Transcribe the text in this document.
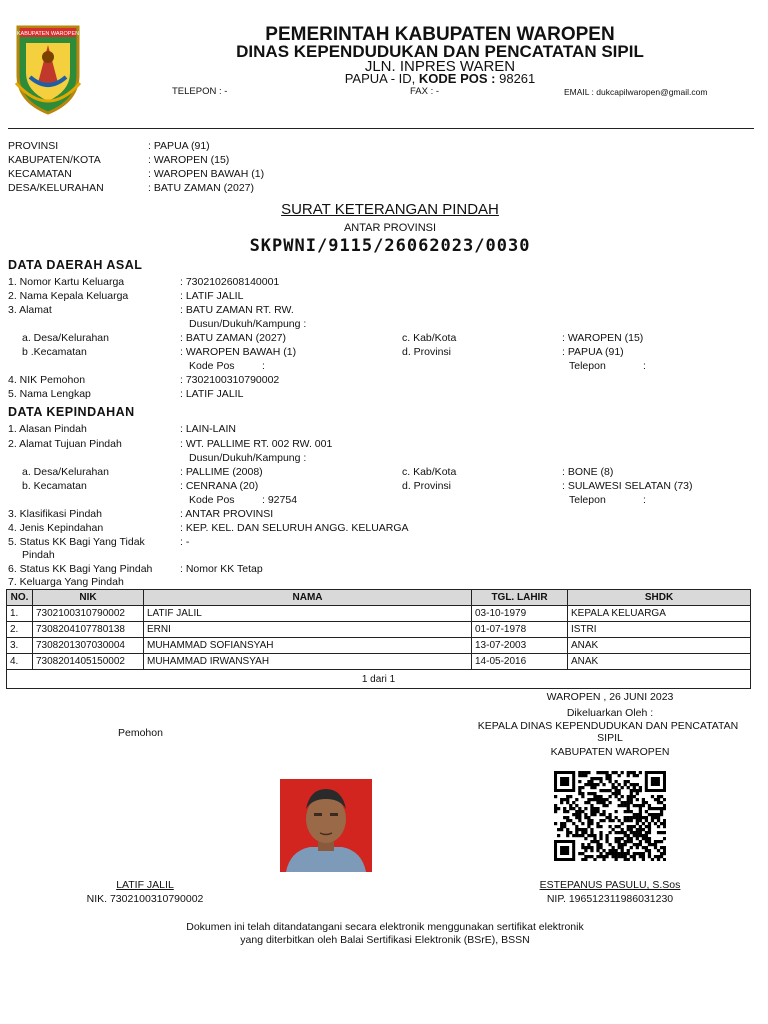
KABUPATEN WAROPEN	PEMERINTAH KABUPATEN WAROPEN
DINAS KEPENDUDUKAN DAN PENCATATAN SIPIL
JLN. INPRES WAREN
PAPUA - ID, KODE POS : 98261
TELEPON : -	FAX : -	EMAIL : dukcapilwaropen@gmail.com
PROVINSI	: PAPUA (91)
KABUPATEN/KOTA	: WAROPEN (15)
KECAMATAN	: WAROPEN BAWAH (1)
DESA/KELURAHAN	: BATU ZAMAN (2027)
SURAT KETERANGAN PINDAH
ANTAR PROVINSI
SKPWNI/9115/26062023/0030
DATA DAERAH ASAL
1. Nomor Kartu Keluarga	: 7302102608140001
2. Nama Kepala Keluarga	: LATIF JALIL
3. Alamat	: BATU ZAMAN RT. RW.
Dusun/Dukuh/Kampung :
a. Desa/Kelurahan	: BATU ZAMAN (2027)	c. Kab/Kota	: WAROPEN (15)
b .Kecamatan	: WAROPEN BAWAH (1)	d. Provinsi	: PAPUA (91)
Kode Pos	:	Telepon	:
4. NIK Pemohon	: 7302100310790002
5. Nama Lengkap	: LATIF JALIL
DATA KEPINDAHAN
1. Alasan Pindah	: LAIN-LAIN
2. Alamat Tujuan Pindah	: WT. PALLIME RT. 002 RW. 001
Dusun/Dukuh/Kampung :
a. Desa/Kelurahan	: PALLIME (2008)	c. Kab/Kota	: BONE (8)
b. Kecamatan	: CENRANA (20)	d. Provinsi	: SULAWESI SELATAN (73)
Kode Pos	: 92754	Telepon	:
3. Klasifikasi Pindah	: ANTAR PROVINSI
4. Jenis Kepindahan	: KEP. KEL. DAN SELURUH ANGG. KELUARGA
5. Status KK Bagi Yang Tidak
Pindah
: -
6. Status KK Bagi Yang Pindah	: Nomor KK Tetap
7. Keluarga Yang Pindah
NO.	NIK	NAMA	TGL. LAHIR	SHDK
1.	7302100310790002	LATIF JALIL	03-10-1979	KEPALA KELUARGA
2.	7308204107780138	ERNI	01-07-1978	ISTRI
3.	7308201307030004	MUHAMMAD SOFIANSYAH	13-07-2003	ANAK
4.	7308201405150002	MUHAMMAD IRWANSYAH	14-05-2016	ANAK
1 dari 1				
WAROPEN , 26 JUNI 2023
Dikeluarkan Oleh :
KEPALA DINAS KEPENDUDUKAN DAN PENCATATAN
SIPIL
KABUPATEN WAROPEN
Pemohon
LATIF JALIL
NIK. 7302100310790002
ESTEPANUS PASULU, S.Sos
NIP. 196512311986031230
Dokumen ini telah ditandatangani secara elektronik menggunakan sertifikat elektronik
yang diterbitkan oleh Balai Sertifikasi Elektronik (BSrE), BSSN
